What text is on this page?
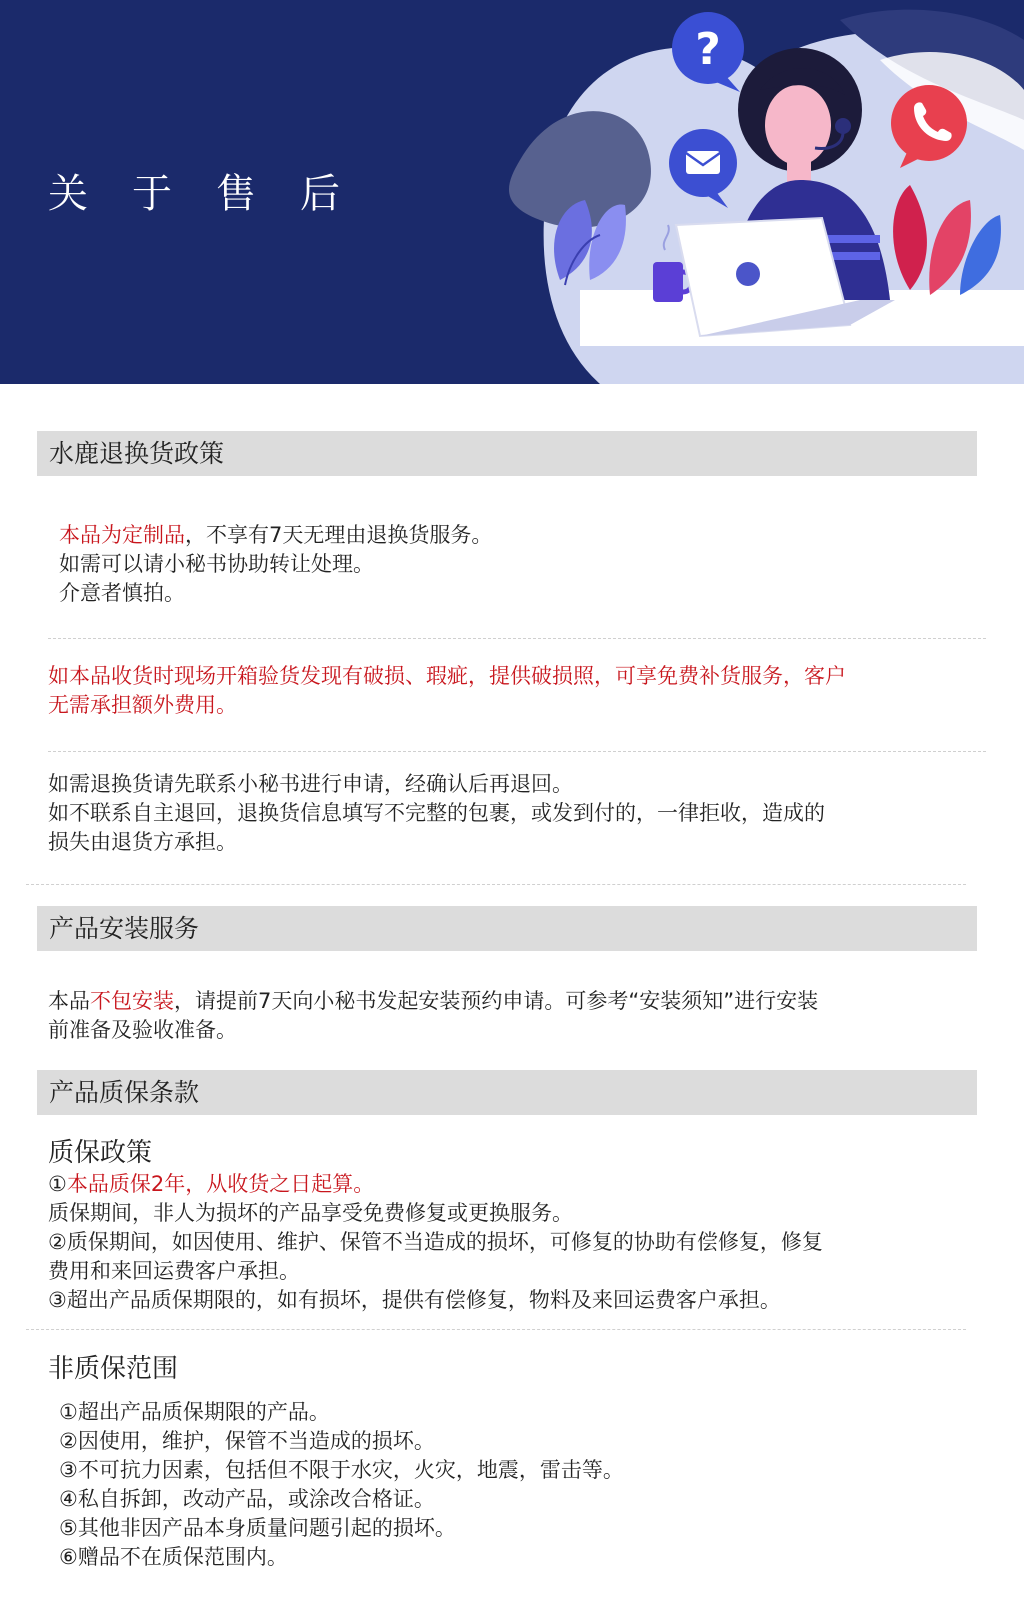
?
关于售后
水鹿退换货政策

本品为定制品，不享有7天无理由退换货服务。

如需可以请小秘书协助转让处理。

介意者慎拍。

如本品收货时现场开箱验货发现有破损、瑕疵，提供破损照，可享免费补货服务，客户

无需承担额外费用。

如需退换货请先联系小秘书进行申请，经确认后再退回。

如不联系自主退回，退换货信息填写不完整的包裹，或发到付的，一律拒收，造成的

损失由退货方承担。

产品安装服务

本品不包安装，请提前7天向小秘书发起安装预约申请。可参考“安装须知”进行安装

前准备及验收准备。

产品质保条款
质保政策

①本品质保2年，从收货之日起算。

质保期间，非人为损坏的产品享受免费修复或更换服务。

②质保期间，如因使用、维护、保管不当造成的损坏，可修复的协助有偿修复，修复

费用和来回运费客户承担。

③超出产品质保期限的，如有损坏，提供有偿修复，物料及来回运费客户承担。

非质保范围

①超出产品质保期限的产品。

②因使用，维护，保管不当造成的损坏。

③不可抗力因素，包括但不限于水灾，火灾，地震，雷击等。

④私自拆卸，改动产品，或涂改合格证。

⑤其他非因产品本身质量问题引起的损坏。

⑥赠品不在质保范围内。
